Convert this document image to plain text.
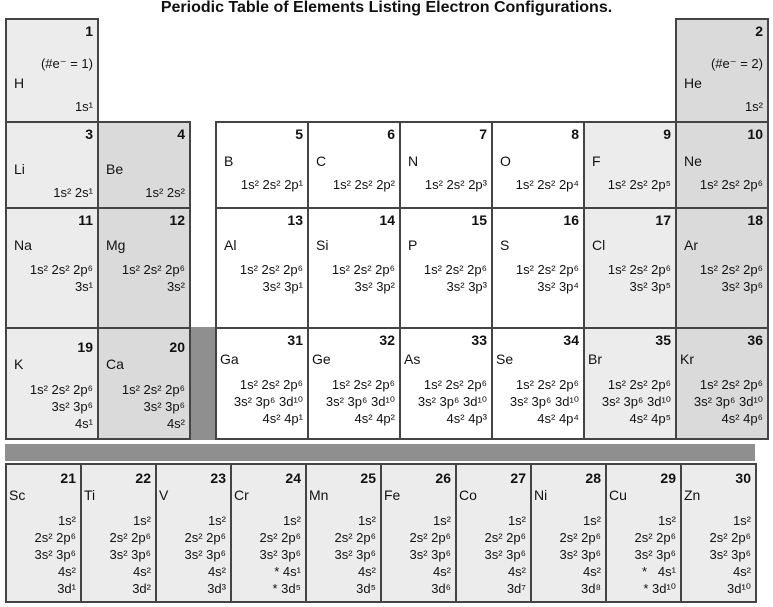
Periodic Table of Elements Listing Electron Configurations.
1
(#e⁻ = 1)
H
1s¹
2
(#e⁻ = 2)
He
1s²
3
Li
1s² 2s¹
4
Be
1s² 2s²
5
B
1s² 2s² 2p¹
6
C
1s² 2s² 2p²
7
N
1s² 2s² 2p³
8
O
1s² 2s² 2p⁴
9
F
1s² 2s² 2p⁵
10
Ne
1s² 2s² 2p⁶
11
Na
1s² 2s² 2p⁶
3s¹
12
Mg
1s² 2s² 2p⁶
3s²
13
Al
1s² 2s² 2p⁶
3s² 3p¹
14
Si
1s² 2s² 2p⁶
3s² 3p²
15
P
1s² 2s² 2p⁶
3s² 3p³
16
S
1s² 2s² 2p⁶
3s² 3p⁴
17
Cl
1s² 2s² 2p⁶
3s² 3p⁵
18
Ar
1s² 2s² 2p⁶
3s² 3p⁶
19
K
1s² 2s² 2p⁶
3s² 3p⁶
4s¹
20
Ca
1s² 2s² 2p⁶
3s² 3p⁶
4s²
31
Ga
1s² 2s² 2p⁶
3s² 3p⁶ 3d¹⁰
4s² 4p¹
32
Ge
1s² 2s² 2p⁶
3s² 3p⁶ 3d¹⁰
4s² 4p²
33
As
1s² 2s² 2p⁶
3s² 3p⁶ 3d¹⁰
4s² 4p³
34
Se
1s² 2s² 2p⁶
3s² 3p⁶ 3d¹⁰
4s² 4p⁴
35
Br
1s² 2s² 2p⁶
3s² 3p⁶ 3d¹⁰
4s² 4p⁵
36
Kr
1s² 2s² 2p⁶
3s² 3p⁶ 3d¹⁰
4s² 4p⁶
21
Sc
1s²
2s² 2p⁶
3s² 3p⁶
4s²
3d¹
22
Ti
1s²
2s² 2p⁶
3s² 3p⁶
4s²
3d²
23
V
1s²
2s² 2p⁶
3s² 3p⁶
4s²
3d³
24
Cr
1s²
2s² 2p⁶
3s² 3p⁶
* 4s¹
* 3d⁵
25
Mn
1s²
2s² 2p⁶
3s² 3p⁶
4s²
3d⁵
26
Fe
1s²
2s² 2p⁶
3s² 3p⁶
4s²
3d⁶
27
Co
1s²
2s² 2p⁶
3s² 3p⁶
4s²
3d⁷
28
Ni
1s²
2s² 2p⁶
3s² 3p⁶
4s²
3d⁸
29
Cu
1s²
2s² 2p⁶
3s² 3p⁶
*   4s¹
* 3d¹⁰
30
Zn
1s²
2s² 2p⁶
3s² 3p⁶
4s²
3d¹⁰
